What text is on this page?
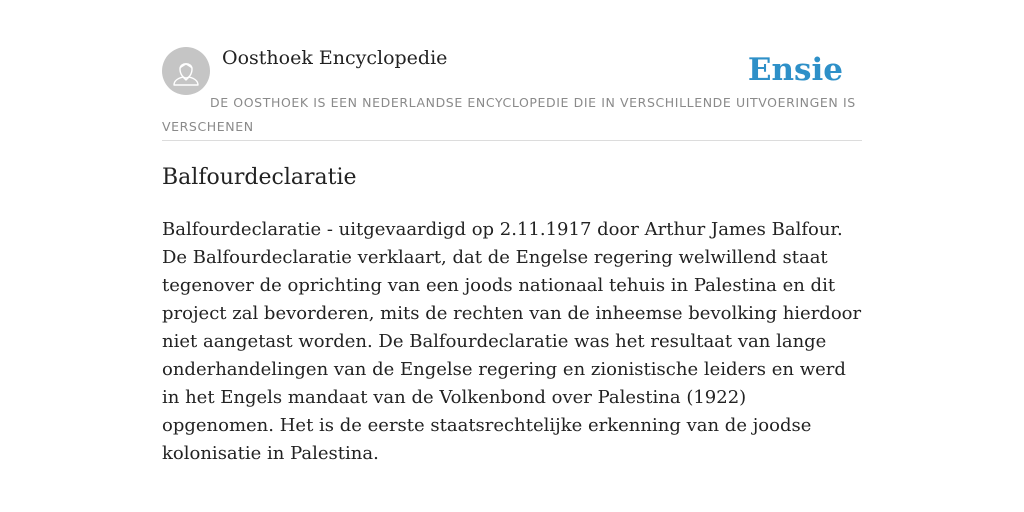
Oosthoek Encyclopedie	Ensie
DE OOSTHOEK IS EEN NEDERLANDSE ENCYCLOPEDIE DIE IN VERSCHILLENDE UITVOERINGEN IS VERSCHENEN
Balfourdeclaratie

Balfourdeclaratie - uitgevaardigd op 2.11.1917 door Arthur James Balfour. De Balfourdeclaratie verklaart, dat de Engelse regering welwillend staat tegenover de oprichting van een joods nationaal tehuis in Palestina en dit project zal bevorderen, mits de rechten van de inheemse bevolking hierdoor niet aangetast worden. De Balfourdeclaratie was het resultaat van lange onderhandelingen van de Engelse regering en zionistische leiders en werd in het Engels mandaat van de Volkenbond over Palestina (1922) opgenomen. Het is de eerste staatsrechtelijke erkenning van de joodse kolonisatie in Palestina.
